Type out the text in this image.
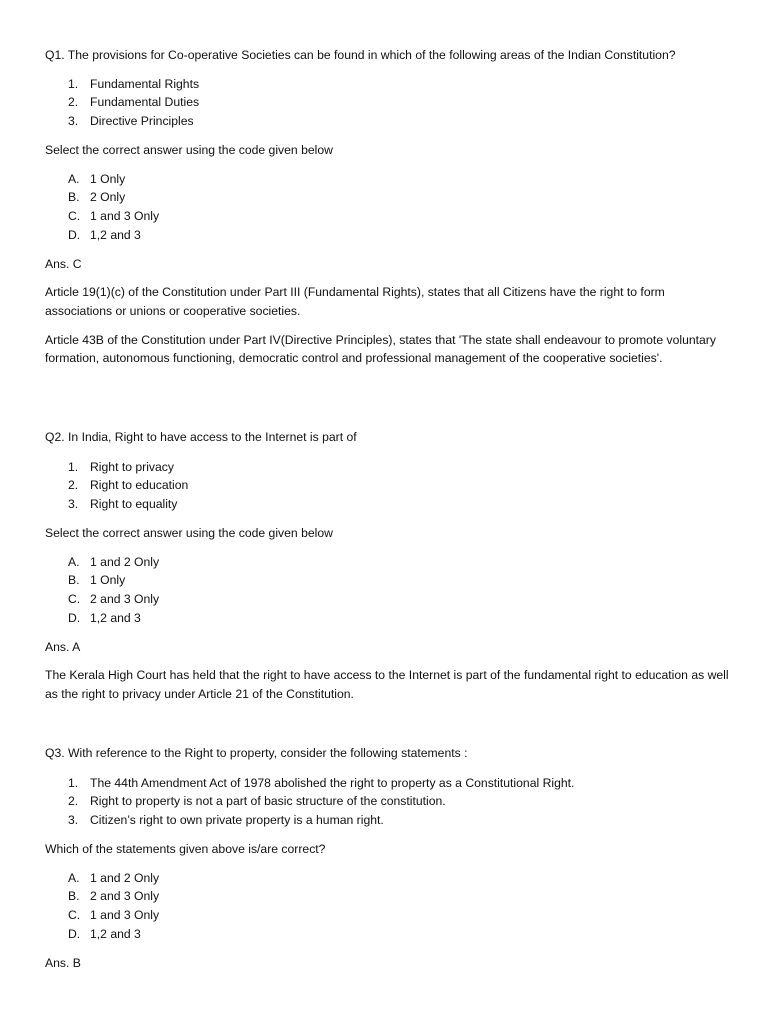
Q1. The provisions for Co-operative Societies can be found in which of the following areas of the Indian Constitution?
1. Fundamental Rights
2. Fundamental Duties
3. Directive Principles
Select the correct answer using the code given below
A. 1 Only
B. 2 Only
C. 1 and 3 Only
D. 1,2 and 3
Ans. C
Article 19(1)(c) of the Constitution under Part III (Fundamental Rights), states that all Citizens have the right to form associations or unions or cooperative societies.
Article 43B of the Constitution under Part IV(Directive Principles), states that 'The state shall endeavour to promote voluntary formation, autonomous functioning, democratic control and professional management of the cooperative societies'.
Q2. In India, Right to have access to the Internet is part of
1. Right to privacy
2. Right to education
3. Right to equality
Select the correct answer using the code given below
A. 1 and 2 Only
B. 1 Only
C. 2 and 3 Only
D. 1,2 and 3
Ans. A
The Kerala High Court has held that the right to have access to the Internet is part of the fundamental right to education as well as the right to privacy under Article 21 of the Constitution.
Q3. With reference to the Right to property, consider the following statements :
1. The 44th Amendment Act of 1978 abolished the right to property as a Constitutional Right.
2. Right to property is not a part of basic structure of the constitution.
3. Citizen’s right to own private property is a human right.
Which of the statements given above is/are correct?
A. 1 and 2 Only
B. 2 and 3 Only
C. 1 and 3 Only
D. 1,2 and 3
Ans. B
